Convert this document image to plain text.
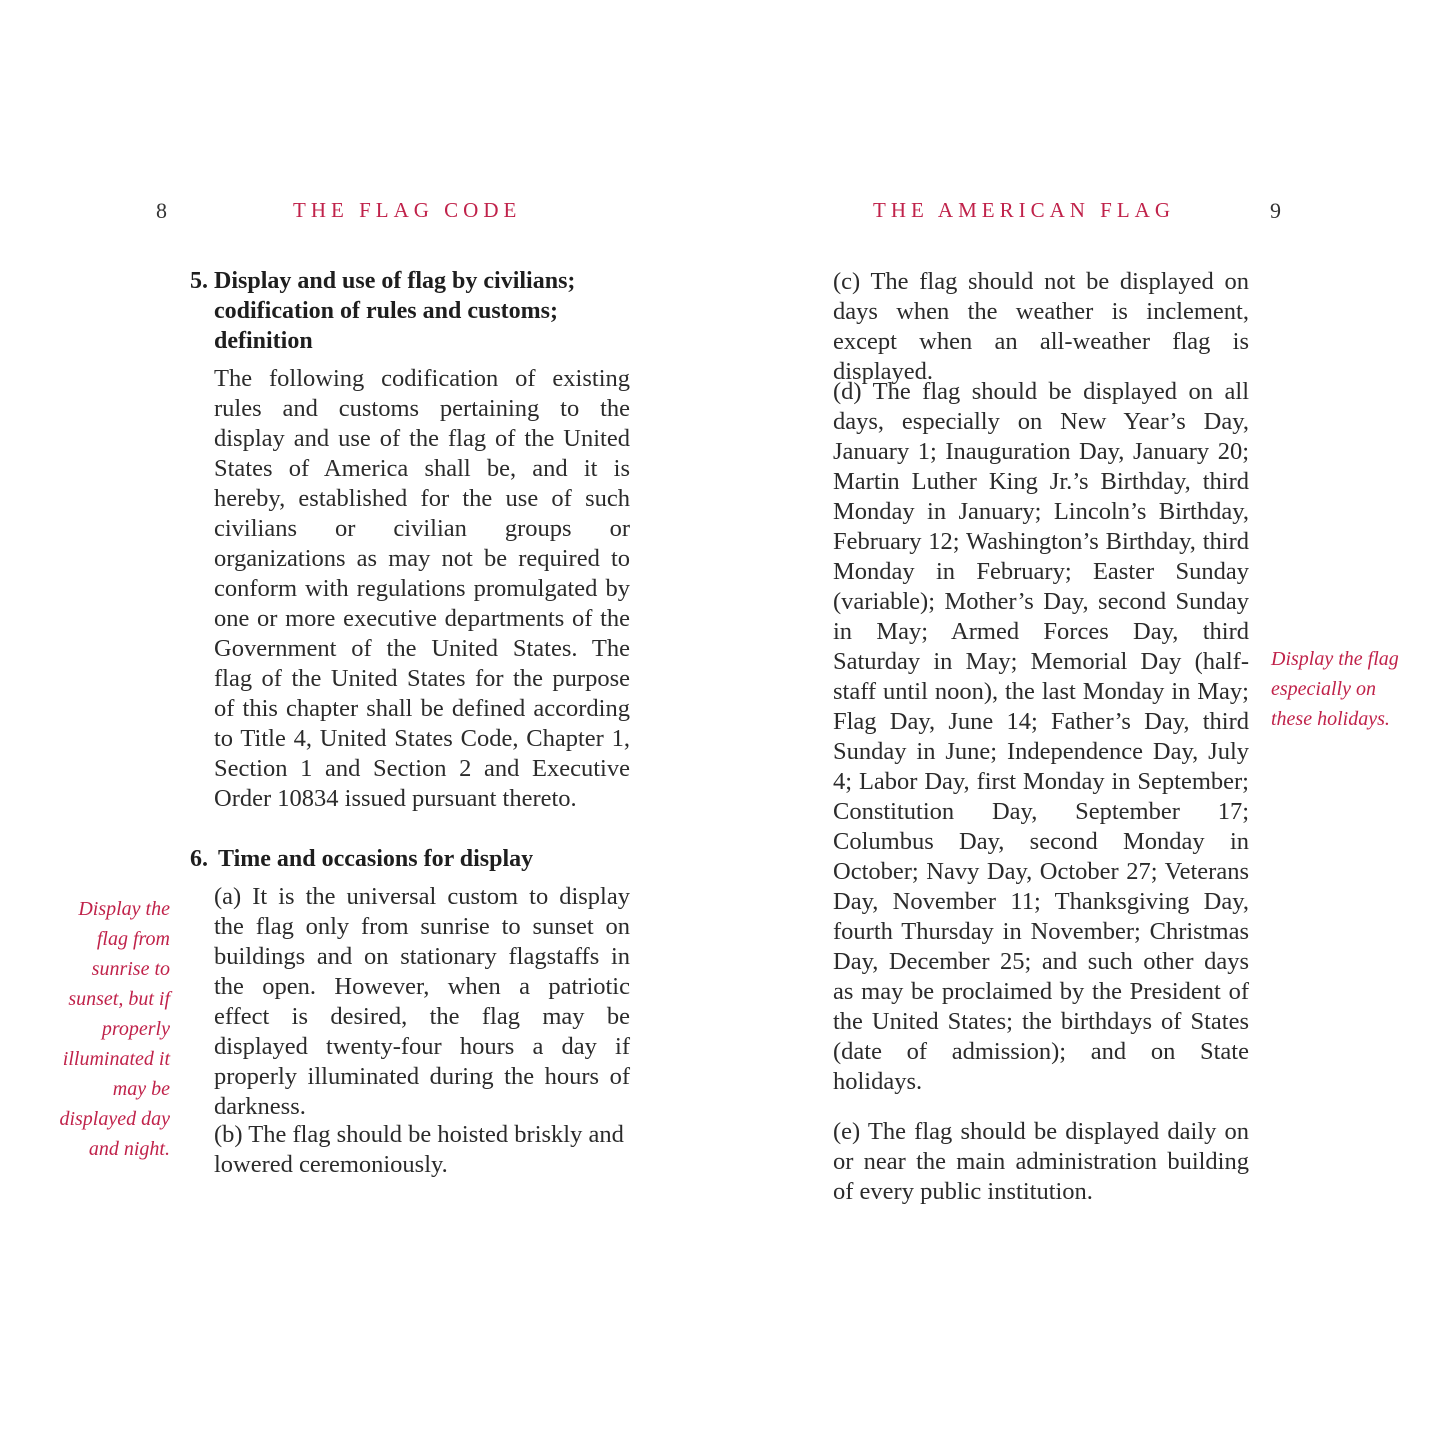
8	THE FLAG CODE
5. Display and use of flag by civilians; codification of rules and customs; definition

The following codification of existing rules and customs pertaining to the display and use of the flag of the United States of America shall be, and it is hereby, established for the use of such civilians or civilian groups or organizations as may not be required to conform with regulations promulgated by one or more executive departments of the Government of the United States. The flag of the United States for the purpose of this chapter shall be defined according to Title 4, United States Code, Chapter 1, Section 1 and Section 2 and Executive Order 10834 issued pursuant thereto.

6. Time and occasions for display

(a) It is the universal custom to display the flag only from sunrise to sunset on buildings and on stationary flagstaffs in the open. However, when a patriotic effect is desired, the flag may be displayed twenty-four hours a day if properly illuminated during the hours of darkness.

(b) The flag should be hoisted briskly and lowered ceremoniously.

Display the flag from sunrise to sunset, but if properly illuminated it may be displayed day and night.
THE AMERICAN FLAG	9

(c) The flag should not be displayed on days when the weather is inclement, except when an all-weather flag is displayed.

(d) The flag should be displayed on all days, especially on New Year’s Day, January 1; Inauguration Day, January 20; Martin Luther King Jr.’s Birthday, third Monday in January; Lincoln’s Birthday, February 12; Washington’s Birthday, third Monday in February; Easter Sunday (variable); Mother’s Day, second Sunday in May; Armed Forces Day, third Saturday in May; Memorial Day (half-staff until noon), the last Monday in May; Flag Day, June 14; Father’s Day, third Sunday in June; Independence Day, July 4; Labor Day, first Monday in September; Constitution Day, September 17; Columbus Day, second Monday in October; Navy Day, October 27; Veterans Day, November 11; Thanksgiving Day, fourth Thursday in November; Christmas Day, December 25; and such other days as may be proclaimed by the President of the United States; the birthdays of States (date of admission); and on State holidays.

(e) The flag should be displayed daily on or near the main administration building of every public institution.

Display the flag especially on these holidays.
